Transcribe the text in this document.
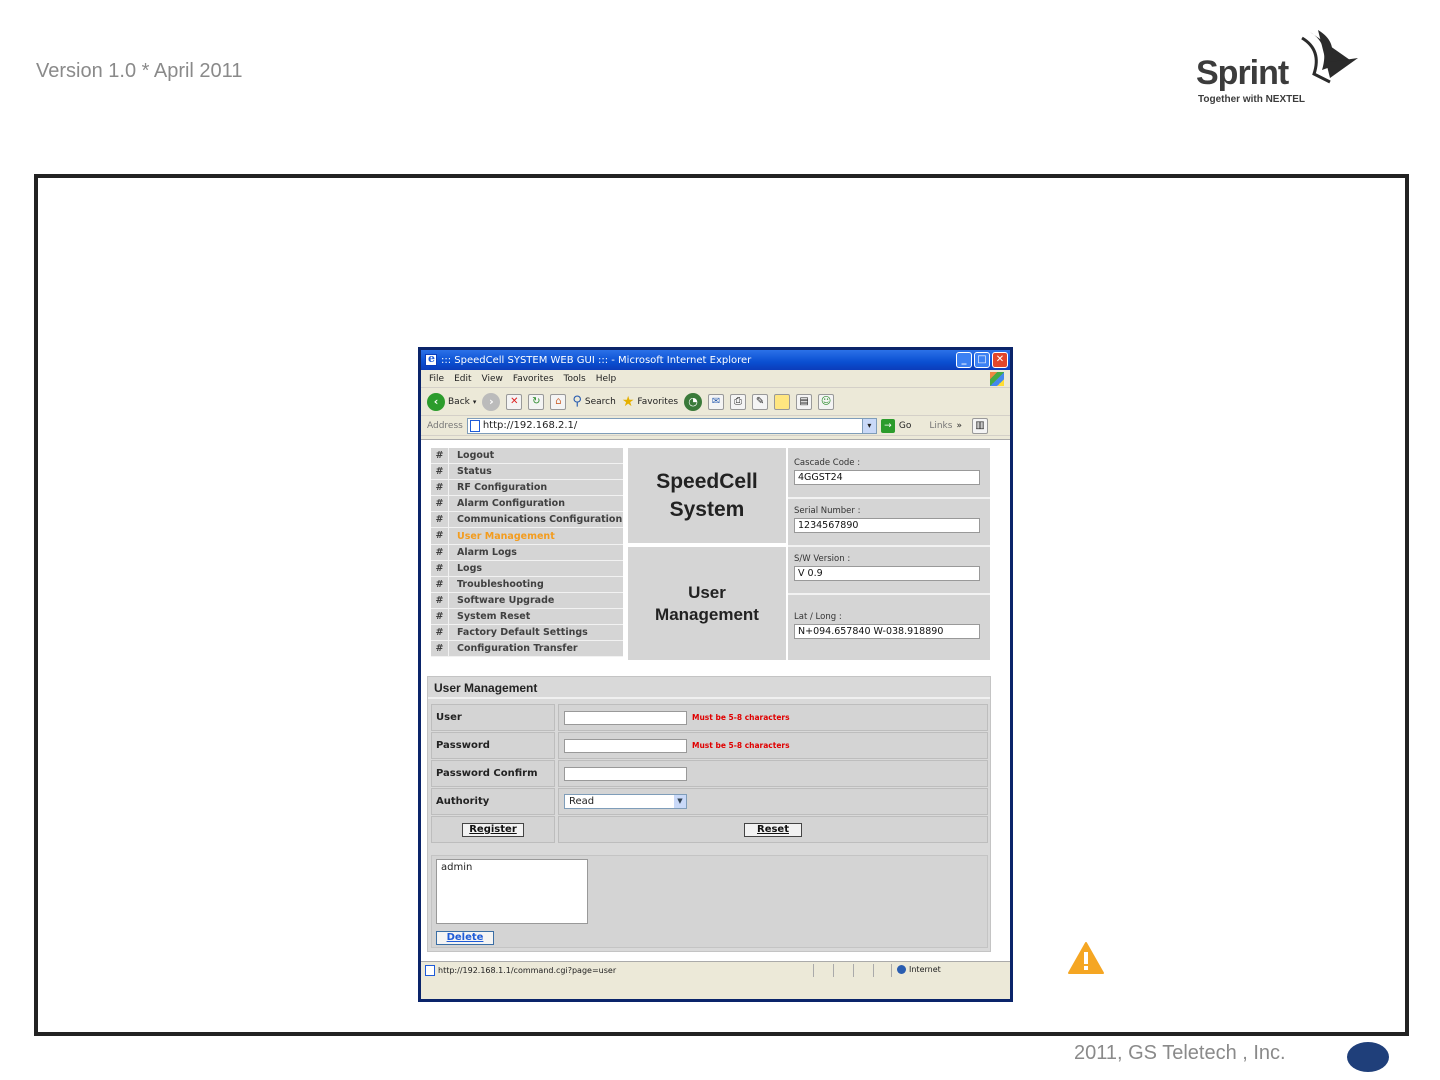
Version 1.0 * April 2011	Sprint
Together with NEXTEL
2011, GS Teletech , Inc.
e
::: SpeedCell SYSTEM WEB GUI ::: - Microsoft Internet Explorer	_	□ ✕
File Edit View Favorites Tools Help
‹	Back ▾	›	✕	↻	⌂ ⚲ Search ★ Favorites ◔	✉	⎙	✎	▤	☺
Address http://192.168.2.1/	▾	→ Go Links »	▥
#	Logout
#	Status
#	RF Configuration
#	Alarm Configuration
#	Communications Configuration
#	User Management
#	Alarm Logs
#	Logs
#	Troubleshooting
#	Software Upgrade
#	System Reset
#	Factory Default Settings
#	Configuration Transfer
SpeedCell
System
User
Management
Cascade Code :
4GGST24
Serial Number :
1234567890
S/W Version :
V 0.9
Lat / Long :
N+094.657840 W-038.918890
User Management
User	Must be 5-8 characters
Password	Must be 5-8 characters
Password Confirm
Authority	Read	▼
Register	Reset
admin
Delete
http://192.168.1.1/command.cgi?page=user	Internet
